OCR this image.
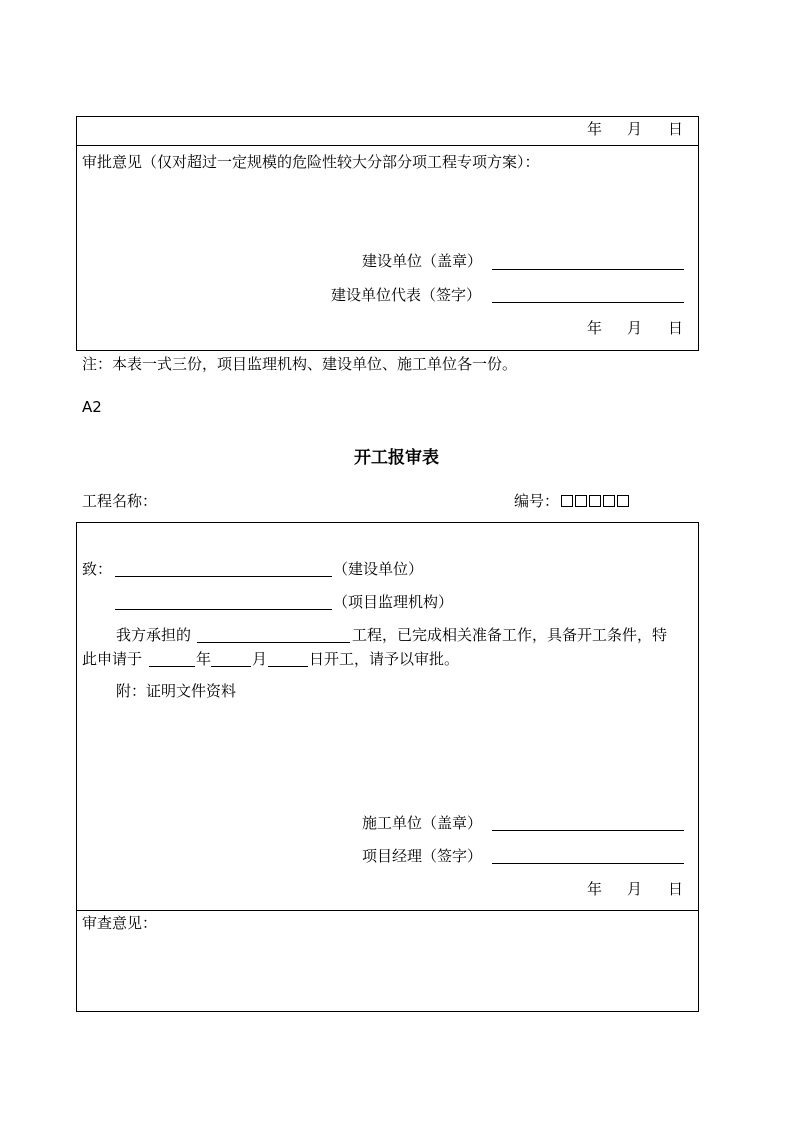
年 月 日
审批意见（仅对超过一定规模的危险性较大分部分项工程专项方案）：
建设单位（盖章）
建设单位代表（签字）
年 月 日
注：本表一式三份，项目监理机构、建设单位、施工单位各一份。
A2
开工报审表
工程名称：	编号：
致：	（建设单位）
（项目监理机构）
我方承担的	工程，已完成相关准备工作，具备开工条件，特
此申请于	年	月	日开工，请予以审批。
附：证明文件资料
施工单位（盖章）
项目经理（签字）
年 月 日
审查意见：
